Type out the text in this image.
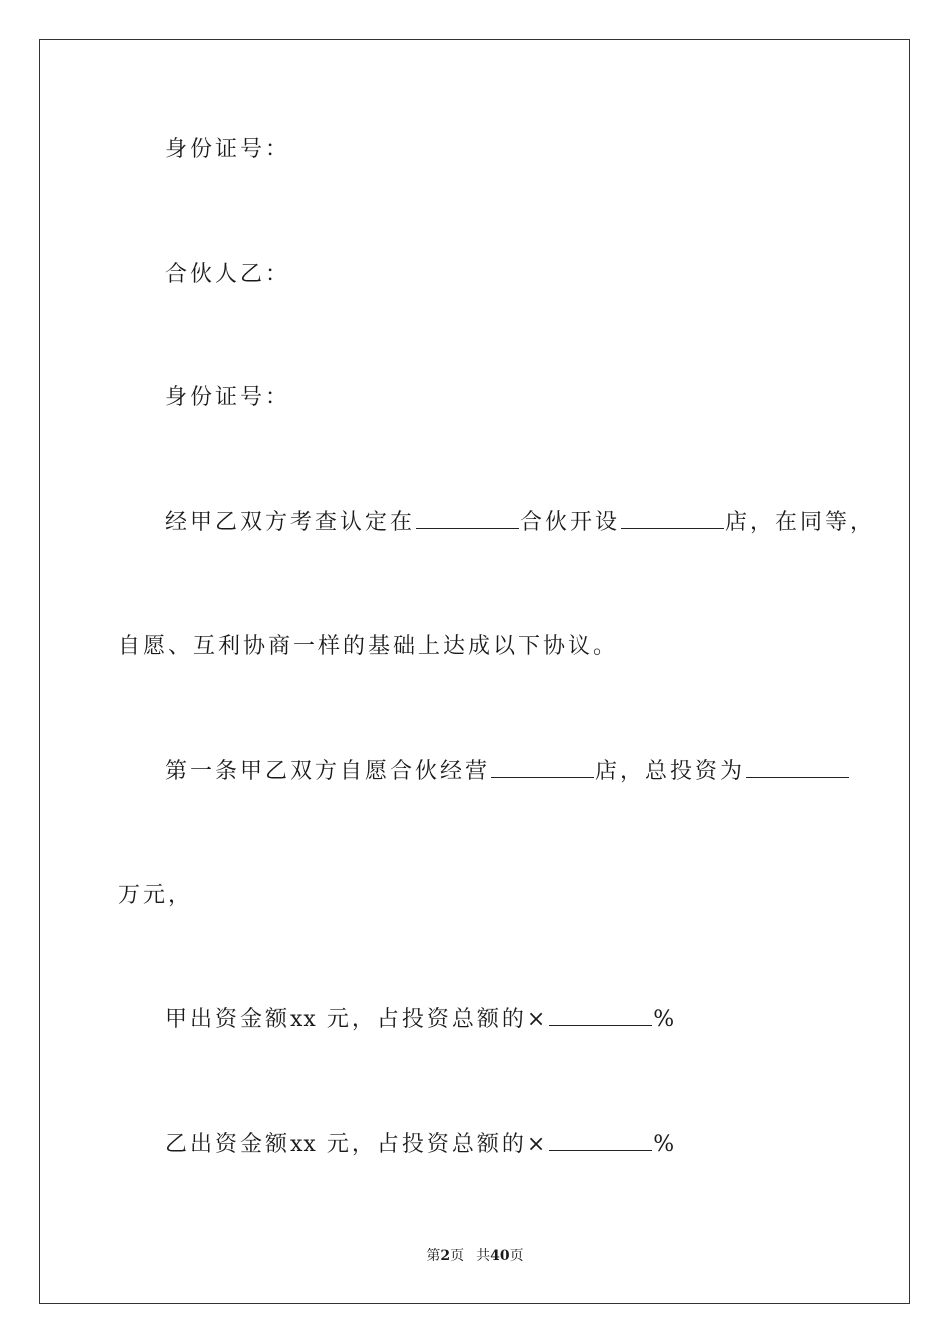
身份证号：
合伙人乙：
身份证号：
经甲乙双方考查认定在	合伙开设	店，在同等，
自愿、互利协商一样的基础上达成以下协议。
第一条甲乙双方自愿合伙经营	店，总投资为
万元，
甲出资金额xx 元，占投资总额的×	%
乙出资金额xx 元，占投资总额的×	%
第2页 共40页
